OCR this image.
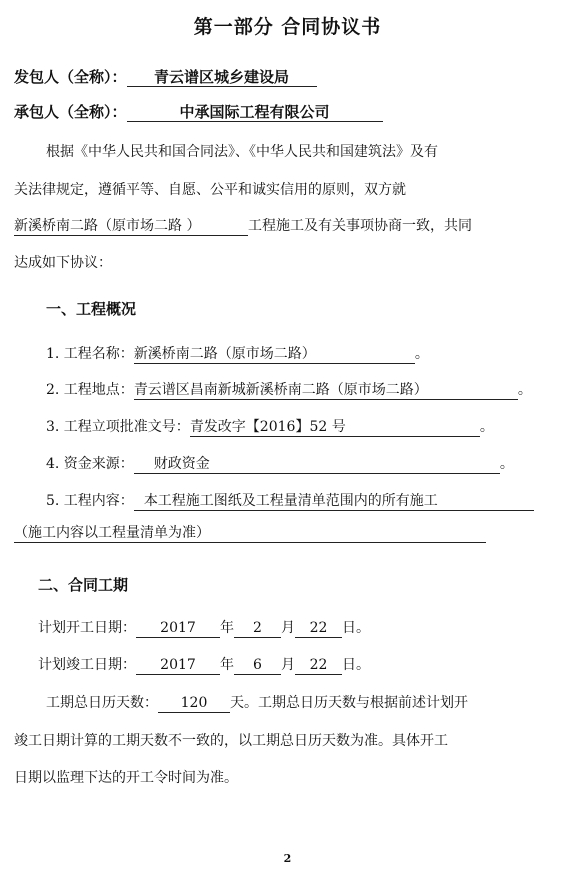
第一部分 合同协议书
发包人（全称）： 青云谱区城乡建设局
承包人（全称）：	中承国际工程有限公司
根据《中华人民共和国合同法》、《中华人民共和国建筑法》及有
关法律规定，遵循平等、自愿、公平和诚实信用的原则，双方就
新溪桥南二路（原市场二路 ）	工程施工及有关事项协商一致，共同
达成如下协议：
一、工程概况
1. 工程名称：新溪桥南二路（原市场二路）	。
2. 工程地点：青云谱区昌南新城新溪桥南二路（原市场二路）	。
3. 工程立项批准文号：青发改字【2016】52 号	。
4. 资金来源： 财政资金	。
5. 工程内容： 本工程施工图纸及工程量清单范围内的所有施工
（施工内容以工程量清单为准）
二、合同工期
计划开工日期： 2017 年 2 月 22 日。
计划竣工日期： 2017 年 6 月 22 日。
工期总日历天数： 120 天。工期总日历天数与根据前述计划开
竣工日期计算的工期天数不一致的，以工期总日历天数为准。具体开工
日期以监理下达的开工令时间为准。
2
